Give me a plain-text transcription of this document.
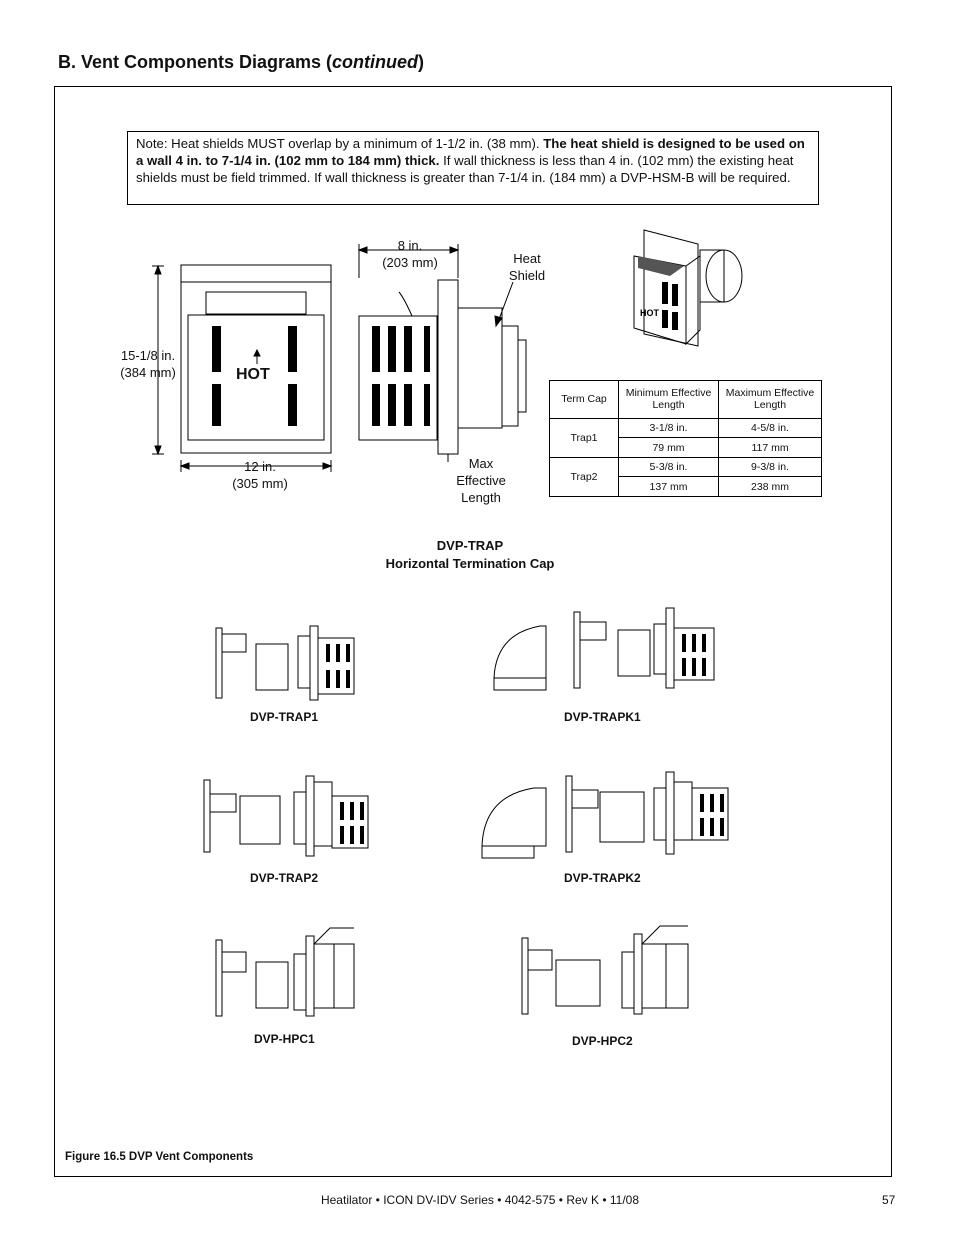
B. Vent Components Diagrams (continued)
Note: Heat shields MUST overlap by a minimum of 1-1/2 in. (38 mm). The heat shield is designed to be used on a wall 4 in. to 7-1/4 in. (102 mm to 184 mm) thick. If wall thickness is less than 4 in. (102 mm) the existing heat shields must be field trimmed. If wall thickness is greater than 7-1/4 in. (184 mm) a DVP-HSM-B will be required.
HOT
15-1/8 in.
(384 mm)
12 in.
(305 mm)
8 in.
(203 mm)	Heat
Shield
Max
Effective
Length
HOT
Term Cap	Minimum Effective Length	Maximum Effective Length
Trap1	3-1/8 in.	4-5/8 in.
	79 mm	117 mm
Trap2	5-3/8 in.	9-3/8 in.
	137 mm	238 mm
DVP-TRAP
Horizontal Termination Cap
DVP-TRAP1	DVP-TRAPK1
DVP-TRAP2	DVP-TRAPK2
DVP-HPC1	DVP-HPC2
Figure 16.5 DVP Vent Components
Heatilator • ICON DV-IDV Series • 4042-575 • Rev K • 11/08	57
